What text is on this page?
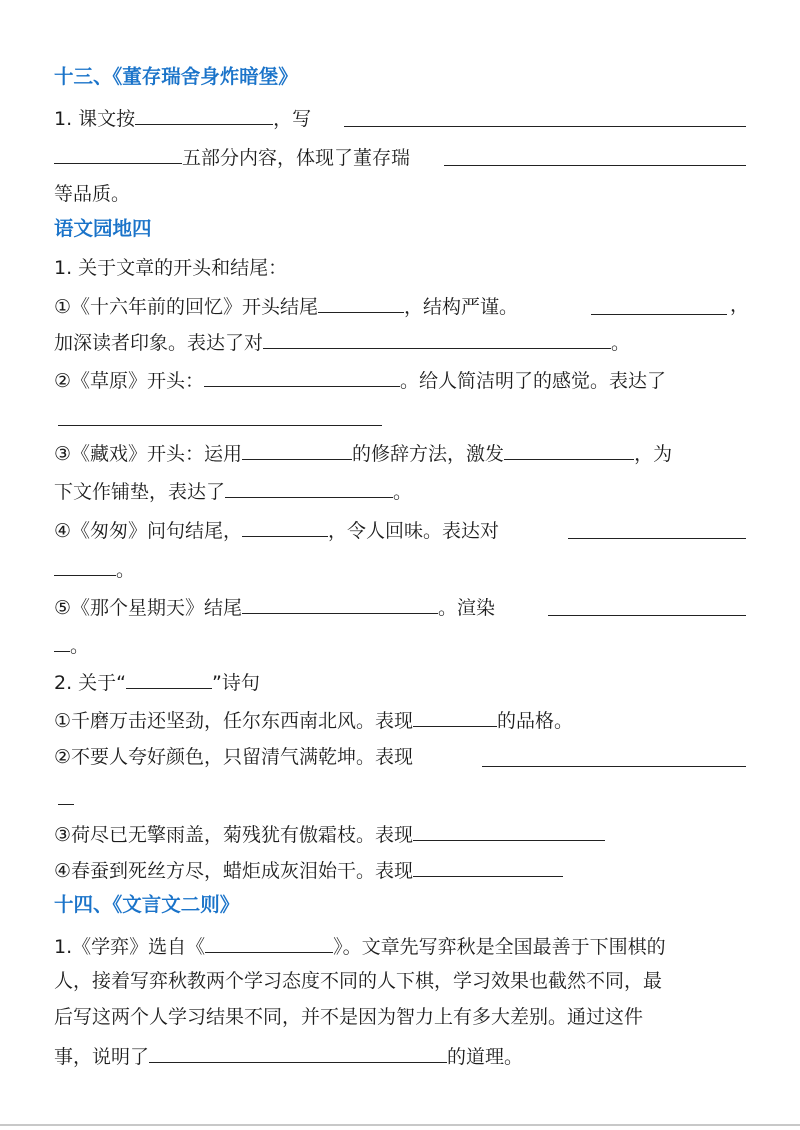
十三、《董存瑞舍身炸暗堡》
1. 课文按	，写
五部分内容，体现了董存瑞
等品质。
语文园地四
1. 关于文章的开头和结尾：
①《十六年前的回忆》开头结尾	，结构严谨。	，
加深读者印象。表达了对	。
②《草原》开头：	。给人简洁明了的感觉。表达了
③《藏戏》开头：运用	的修辞方法，激发	，为
下文作铺垫，表达了	。
④《匆匆》问句结尾，	，令人回味。表达对
。
⑤《那个星期天》结尾	。渲染
。
2. 关于“	”诗句
①千磨万击还坚劲，任尔东西南北风。表现	的品格。
②不要人夸好颜色，只留清气满乾坤。表现
③荷尽已无擎雨盖，菊残犹有傲霜枝。表现
④春蚕到死丝方尽，蜡炬成灰泪始干。表现
十四、《文言文二则》
1.《学弈》选自《	》。文章先写弈秋是全国最善于下围棋的
人，接着写弈秋教两个学习态度不同的人下棋，学习效果也截然不同，最
后写这两个人学习结果不同，并不是因为智力上有多大差别。通过这件
事，说明了	的道理。
